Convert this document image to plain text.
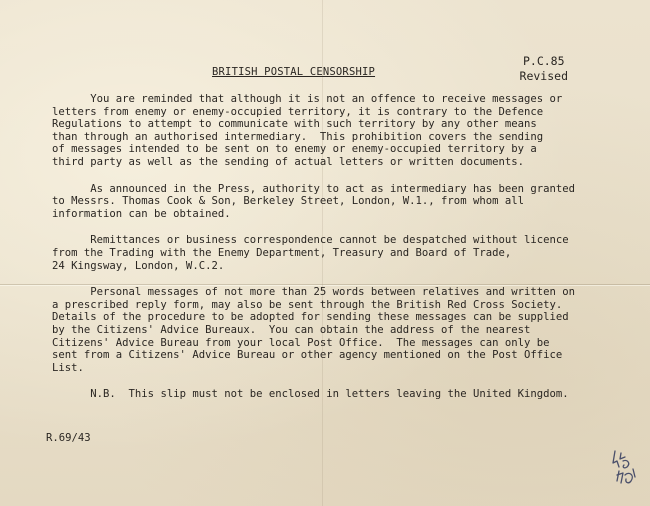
P.C.85
Revised
BRITISH POSTAL CENSORSHIP

You are reminded that although it is not an offence to receive messages or
letters from enemy or enemy-occupied territory, it is contrary to the Defence
Regulations to attempt to communicate with such territory by any other means
than through an authorised intermediary.  This prohibition covers the sending
of messages intended to be sent on to enemy or enemy-occupied territory by a
third party as well as the sending of actual letters or written documents.

As announced in the Press, authority to act as intermediary has been granted
to Messrs. Thomas Cook & Son, Berkeley Street, London, W.1., from whom all
information can be obtained.

Remittances or business correspondence cannot be despatched without licence
from the Trading with the Enemy Department, Treasury and Board of Trade,
24 Kingsway, London, W.C.2.

Personal messages of not more than 25 words between relatives and written on
a prescribed reply form, may also be sent through the British Red Cross Society.
Details of the procedure to be adopted for sending these messages can be supplied
by the Citizens' Advice Bureaux.  You can obtain the address of the nearest
Citizens' Advice Bureau from your local Post Office.  The messages can only be
sent from a Citizens' Advice Bureau or other agency mentioned on the Post Office
List.

N.B.  This slip must not be enclosed in letters leaving the United Kingdom.

R.69/43
